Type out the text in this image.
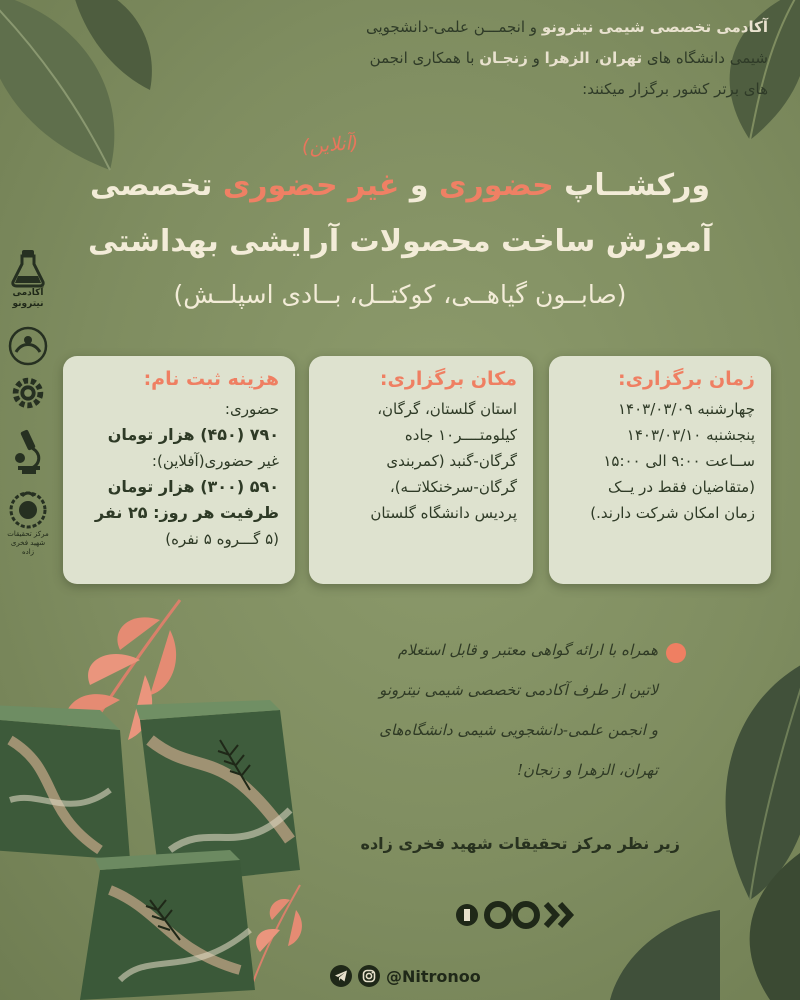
آکادمی تخصصی شیمی نیترونو و انجمـــن علمی-دانشجویی
شیمی دانشگاه های تهران، الزهرا و زنجـان با همکاری انجمن
های برتر کشور برگزار میکنند:
(آنلاین)
ورکشــاپ حضوری و غیر حضوری تخصصی
آموزش ساخت محصولات آرایشی بهداشتی
(صابــون گیاهــی، کوکتــل، بــادی اسپلــش)
زمان برگزاری:
چهارشنبه ۱۴۰۳/۰۳/۰۹
پنجشنبه ۱۴۰۳/۰۳/۱۰
ســاعت ۹:۰۰ الی ۱۵:۰۰
(متقاضیان فقط در یــک
زمان امکان شرکت دارند.)
مکان برگزاری:
استان گلستان، گرگان،
کیلومتــــر۱۰ جاده
گرگان-گنبد (کمربندی
گرگان-سرخنکلاتــه)،
پردیس دانشگاه گلستان
هزینه ثبت نام:
حضوری:
۷۹۰ (۴۵۰) هزار تومان
غیر حضوری(آفلاین):
۵۹۰ (۳۰۰) هزار تومان
ظرفیت هر روز: ۲۵ نفر
(۵ گـــروه ۵ نفره)
آکادمی نیترونو
مرکز تحقیقات شهید فخری زاده
همراه با ارائه گواهی معتبر و قابل استعلام
لاتین از طرف آکادمی تخصصی شیمی نیترونو
و انجمن علمی-دانشجویی شیمی دانشگاه‌های
تهران، الزهرا و زنجان!
زیر نظر مرکز تحقیقات شهید فخری زاده
@Nitronoo
